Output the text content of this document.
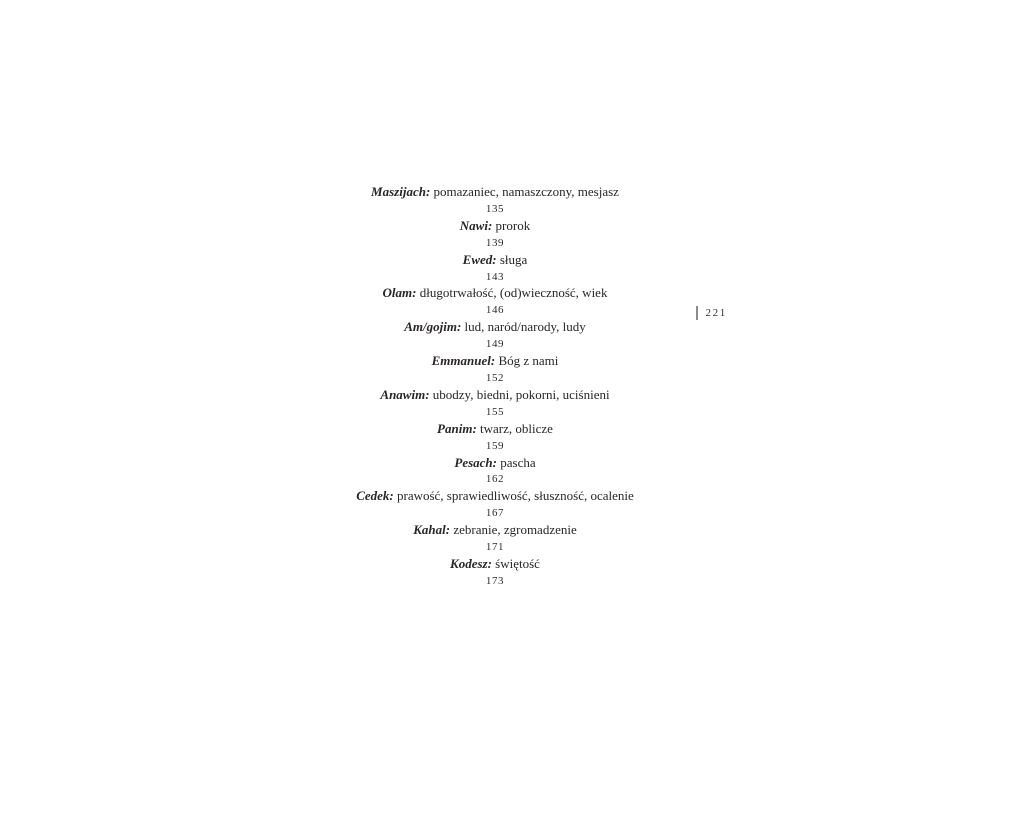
Maszijach: pomazaniec, namaszczony, mesjasz
135
Nawi: prorok
139
Ewed: sługa
143
Olam: długotrwałość, (od)wieczność, wiek
146
Am/gojim: lud, naród/narody, ludy
149
Emmanuel: Bóg z nami
152
Anawim: ubodzy, biedni, pokorni, uciśnieni
155
Panim: twarz, oblicze
159
Pesach: pascha
162
Cedek: prawość, sprawiedliwość, słuszność, ocalenie
167
Kahal: zebranie, zgromadzenie
171
Kodesz: świętość
173
221
